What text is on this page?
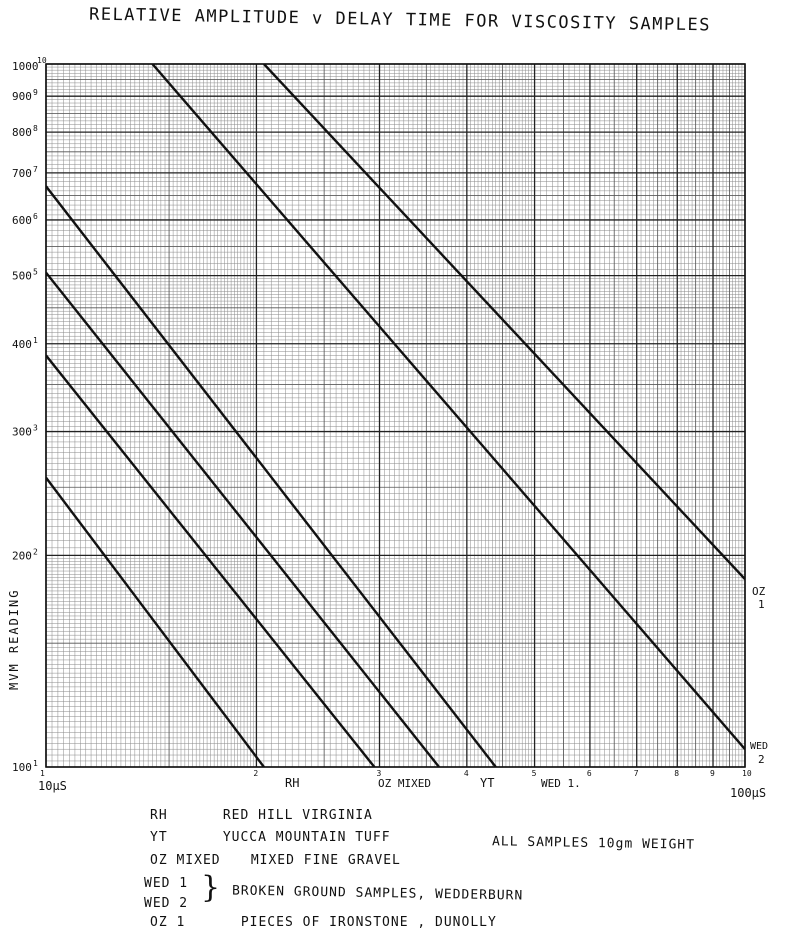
RELATIVE AMPLITUDE v DELAY TIME FOR VISCOSITY SAMPLES
100 1
200 2
300 3
400 1
500 5
600 6
700 7
800 8
900 9
1000
10
1	2	3	4	5	6	7	8	9	10
10μS	100μS
MVM READING
RH	OZ MIXED	YT	WED 1.
OZ
1
WED
2
RH	RED HILL VIRGINIA
YT	YUCCA MOUNTAIN TUFF
OZ MIXED MIXED FINE GRAVEL
WED 1
WED 2	BROKEN GROUND SAMPLES, WEDDERBURN
OZ 1	PIECES OF IRONSTONE , DUNOLLY
}
ALL SAMPLES 10gm WEIGHT
